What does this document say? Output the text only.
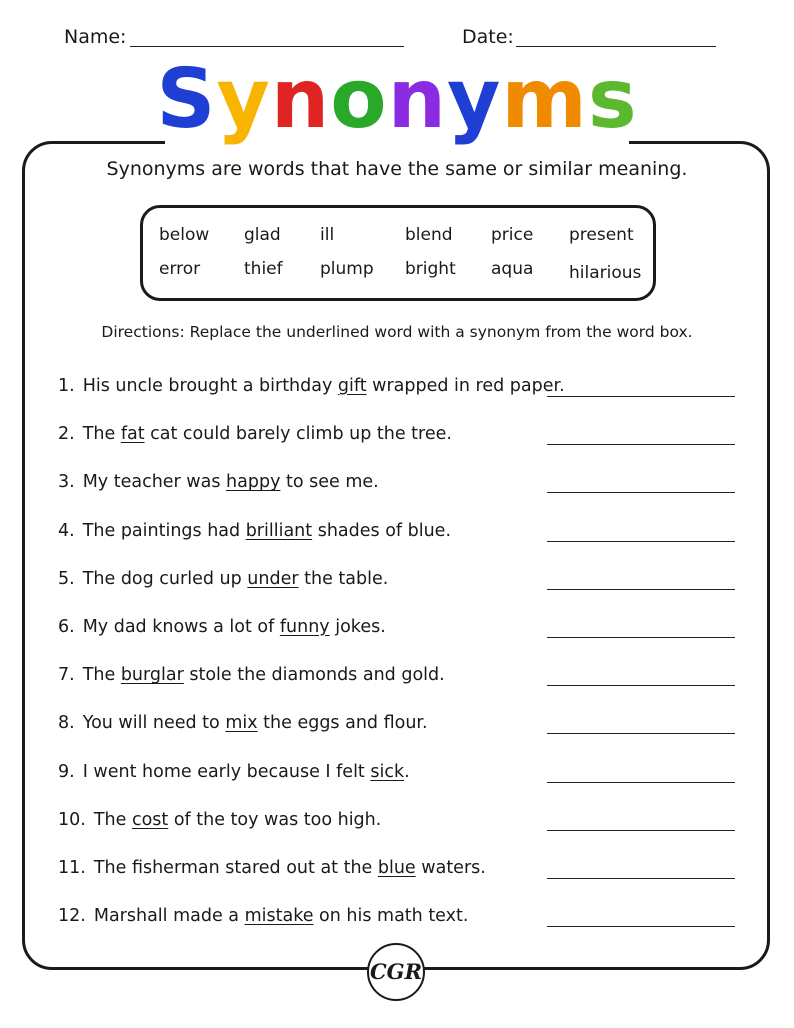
Name:	Date:
Synonyms
Synonyms are words that have the same or similar meaning.
below glad ill	blend price present
error	thief plump bright aqua hilarious
Directions: Replace the underlined word with a synonym from the word box.
1. His uncle brought a birthday gift wrapped in red paper.
2. The fat cat could barely climb up the tree.
3. My teacher was happy to see me.
4. The paintings had brilliant shades of blue.
5. The dog curled up under the table.
6. My dad knows a lot of funny jokes.
7. The burglar stole the diamonds and gold.
8. You will need to mix the eggs and flour.
9. I went home early because I felt sick.
10. The cost of the toy was too high.
11. The fisherman stared out at the blue waters.
12. Marshall made a mistake on his math text.
CGR
